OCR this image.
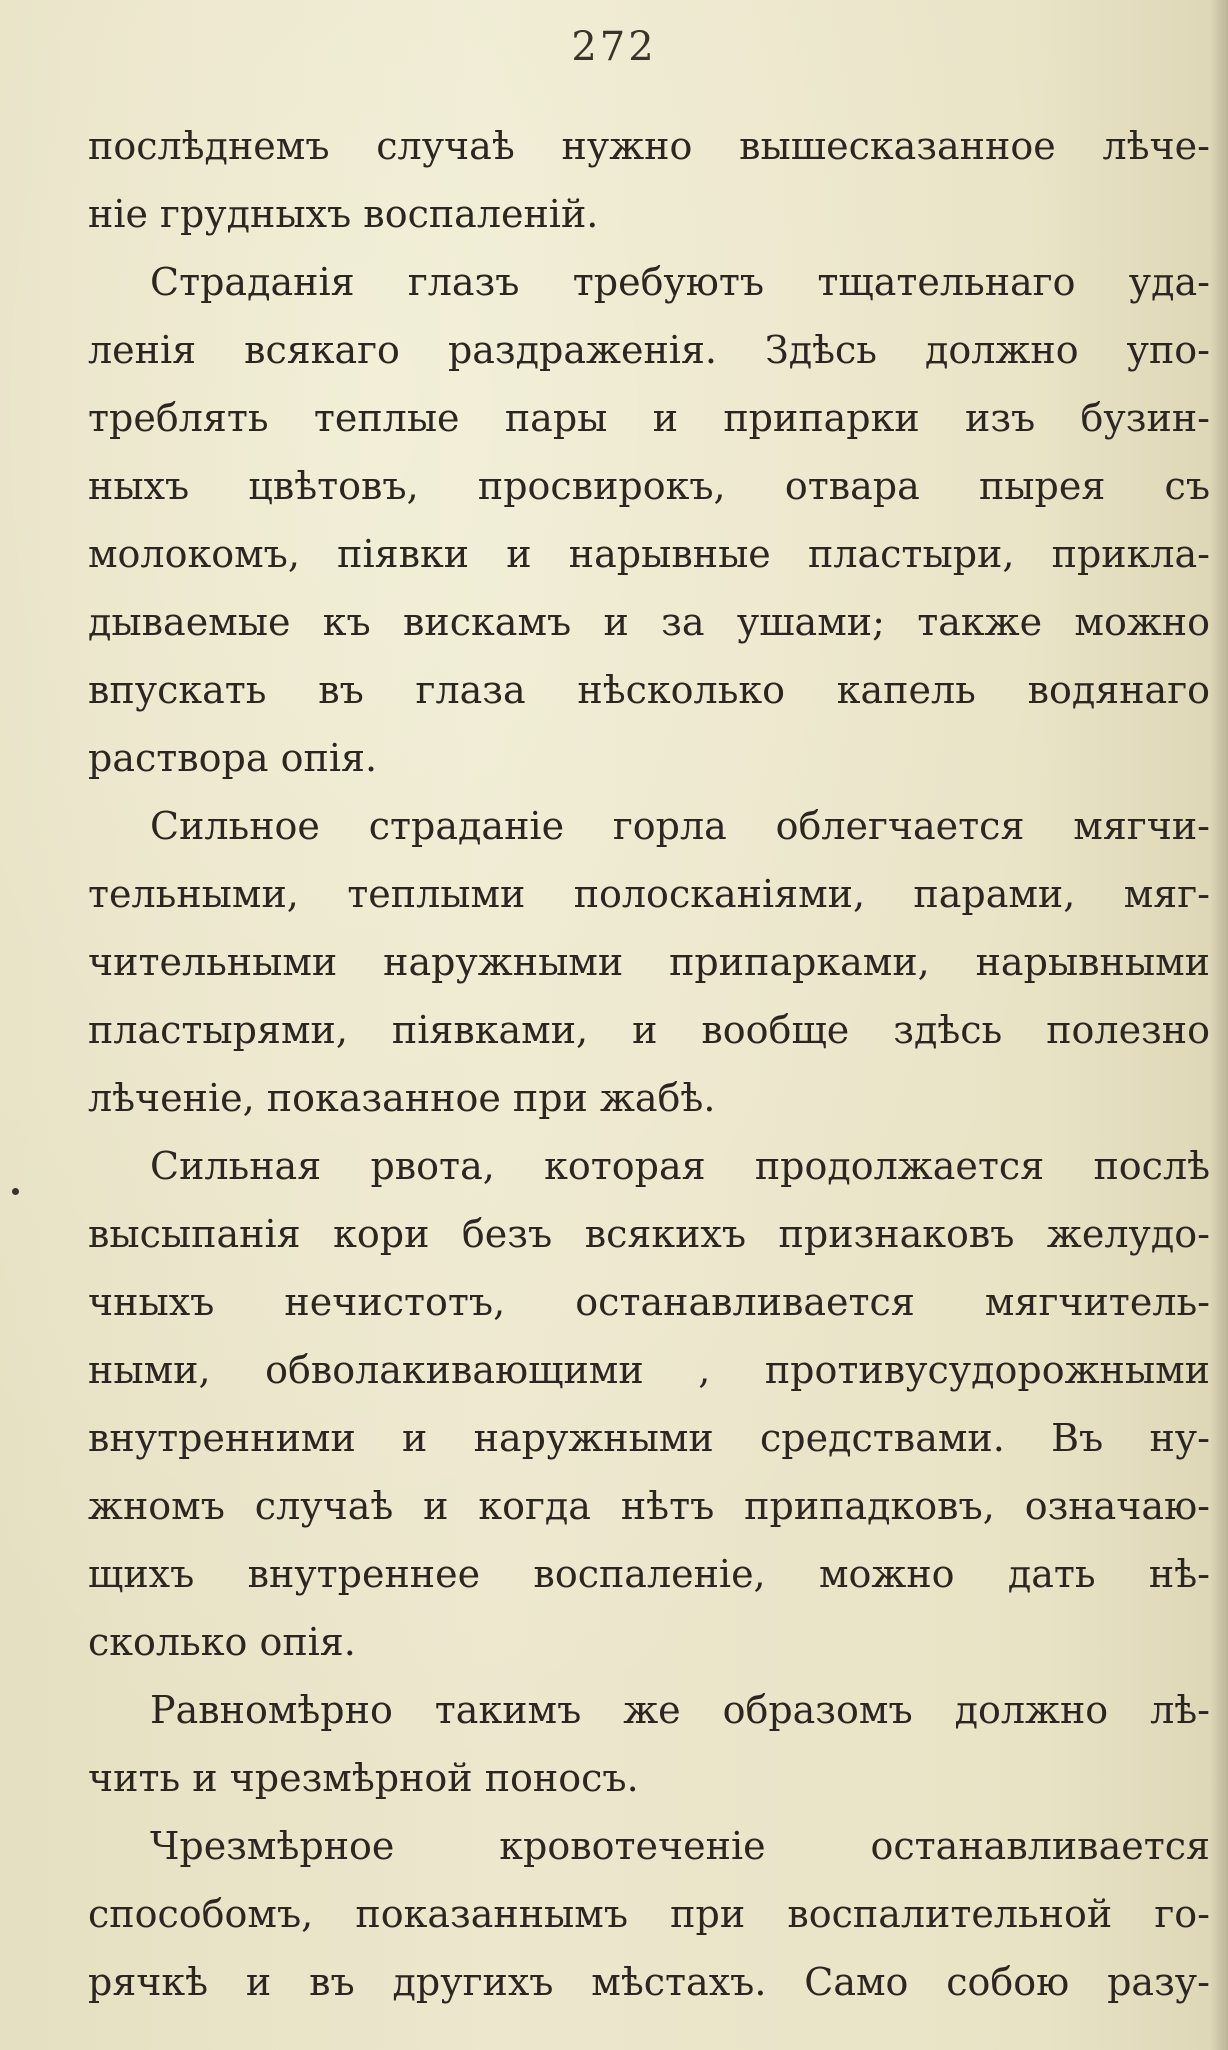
272
послѣднемъ случаѣ нужно вышесказанное лѣче-
ніе грудныхъ воспаленій.
Страданія глазъ требуютъ тщательнаго уда-
ленія всякаго раздраженія. Здѣсь должно упо-
треблять теплые пары и припарки изъ бузин-
ныхъ цвѣтовъ, просвирокъ, отвара пырея съ
молокомъ, піявки и нарывные пластыри, прикла-
дываемые къ вискамъ и за ушами; также можно
впускать въ глаза нѣсколько капель водянаго
раствора опія.
Сильное страданіе горла облегчается мягчи-
тельными, теплыми полосканіями, парами, мяг-
чительными наружными припарками, нарывными
пластырями, піявками, и вообще здѣсь полезно
лѣченіе, показанное при жабѣ.
Сильная рвота, которая продолжается послѣ
высыпанія кори безъ всякихъ признаковъ желудо-
чныхъ нечистотъ, останавливается мягчитель-
ными, обволакивающими , противусудорожными
внутренними и наружными средствами. Въ ну-
жномъ случаѣ и когда нѣтъ припадковъ, означаю-
щихъ внутреннее воспаленіе, можно дать нѣ-
сколько опія.
Равномѣрно такимъ же образомъ должно лѣ-
чить и чрезмѣрной поносъ.
Чрезмѣрное кровотеченіе останавливается
способомъ, показаннымъ при воспалительной го-
рячкѣ и въ другихъ мѣстахъ. Само собою разу-
